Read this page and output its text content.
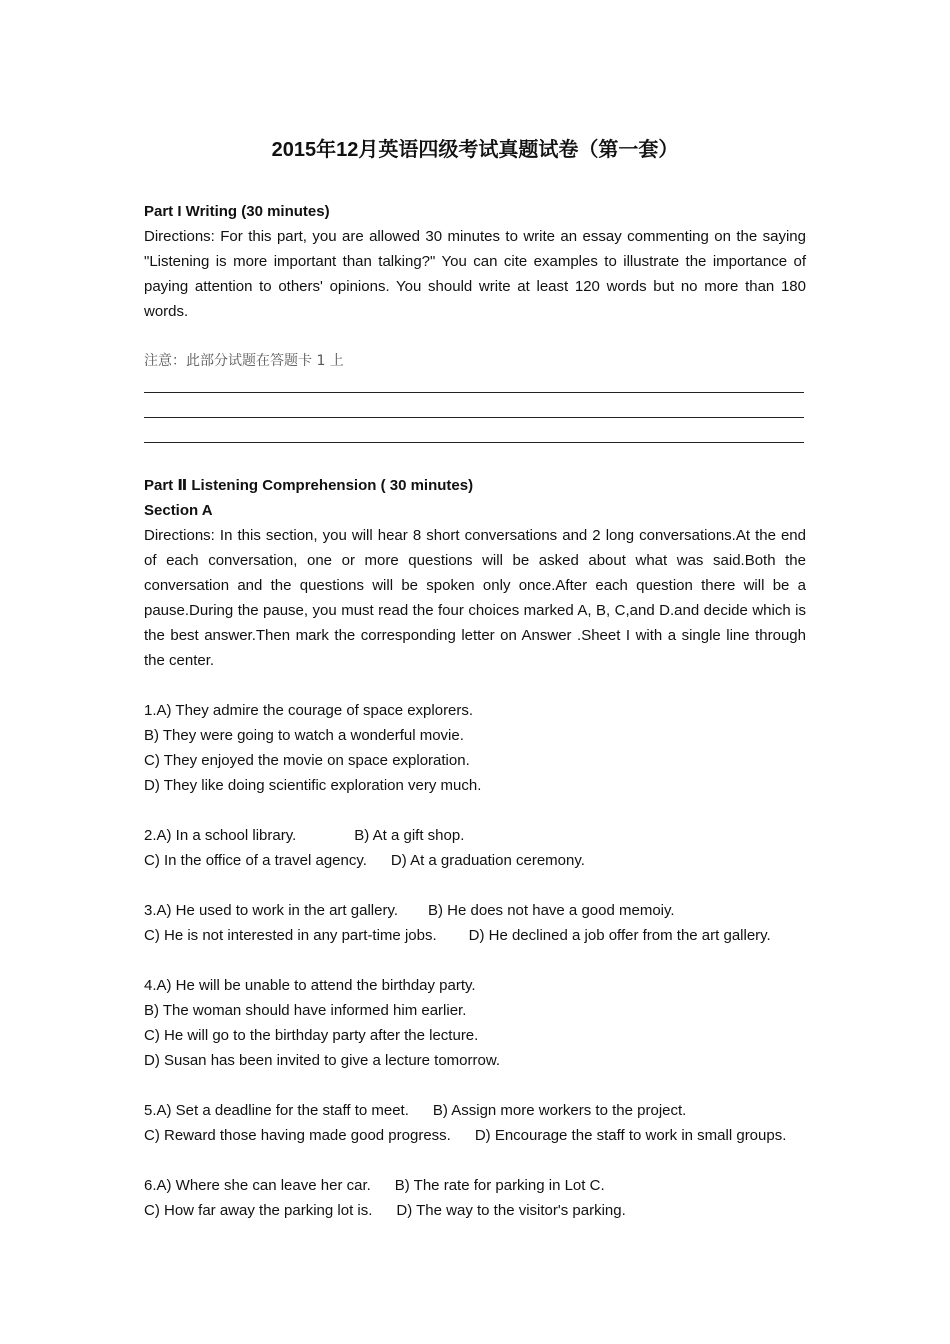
2015年12月英语四级考试真题试卷（第一套）
Part I Writing (30 minutes)
Directions: For this part, you are allowed 30 minutes to write an essay commenting on the saying "Listening is more important than talking?" You can cite examples to illustrate the importance of paying attention to others' opinions. You should write at least 120 words but no more than 180 words.
注意：此部分试题在答题卡 1 上
Part Ⅱ Listening Comprehension ( 30 minutes)
Section A
Directions: In this section, you will hear 8 short conversations and 2 long conversations.At the end of each conversation, one or more questions will be asked about what was said.Both the conversation and the questions will be spoken only once.After each question there will be a pause.During the pause, you must read the four choices marked A, B, C,and D.and decide which is the best answer.Then mark the corresponding letter on Answer .Sheet I with a single line through the center.
1.A) They admire the courage of space explorers.
B) They were going to watch a wonderful movie.
C) They enjoyed the movie on space exploration.
D) They like doing scientific exploration very much.
2.A) In a school library.	B) At a gift shop.
C) In the office of a travel agency. D) At a graduation ceremony.
3.A) He used to work in the art gallery. B) He does not have a good memoiy.
C) He is not interested in any part-time jobs. D) He declined a job offer from the art gallery.
4.A) He will be unable to attend the birthday party.
B) The woman should have informed him earlier.
C) He will go to the birthday party after the lecture.
D) Susan has been invited to give a lecture tomorrow.
5.A) Set a deadline for the staff to meet. B) Assign more workers to the project.
C) Reward those having made good progress. D) Encourage the staff to work in small groups.
6.A) Where she can leave her car. B) The rate for parking in Lot C.
C) How far away the parking lot is. D) The way to the visitor's parking.
